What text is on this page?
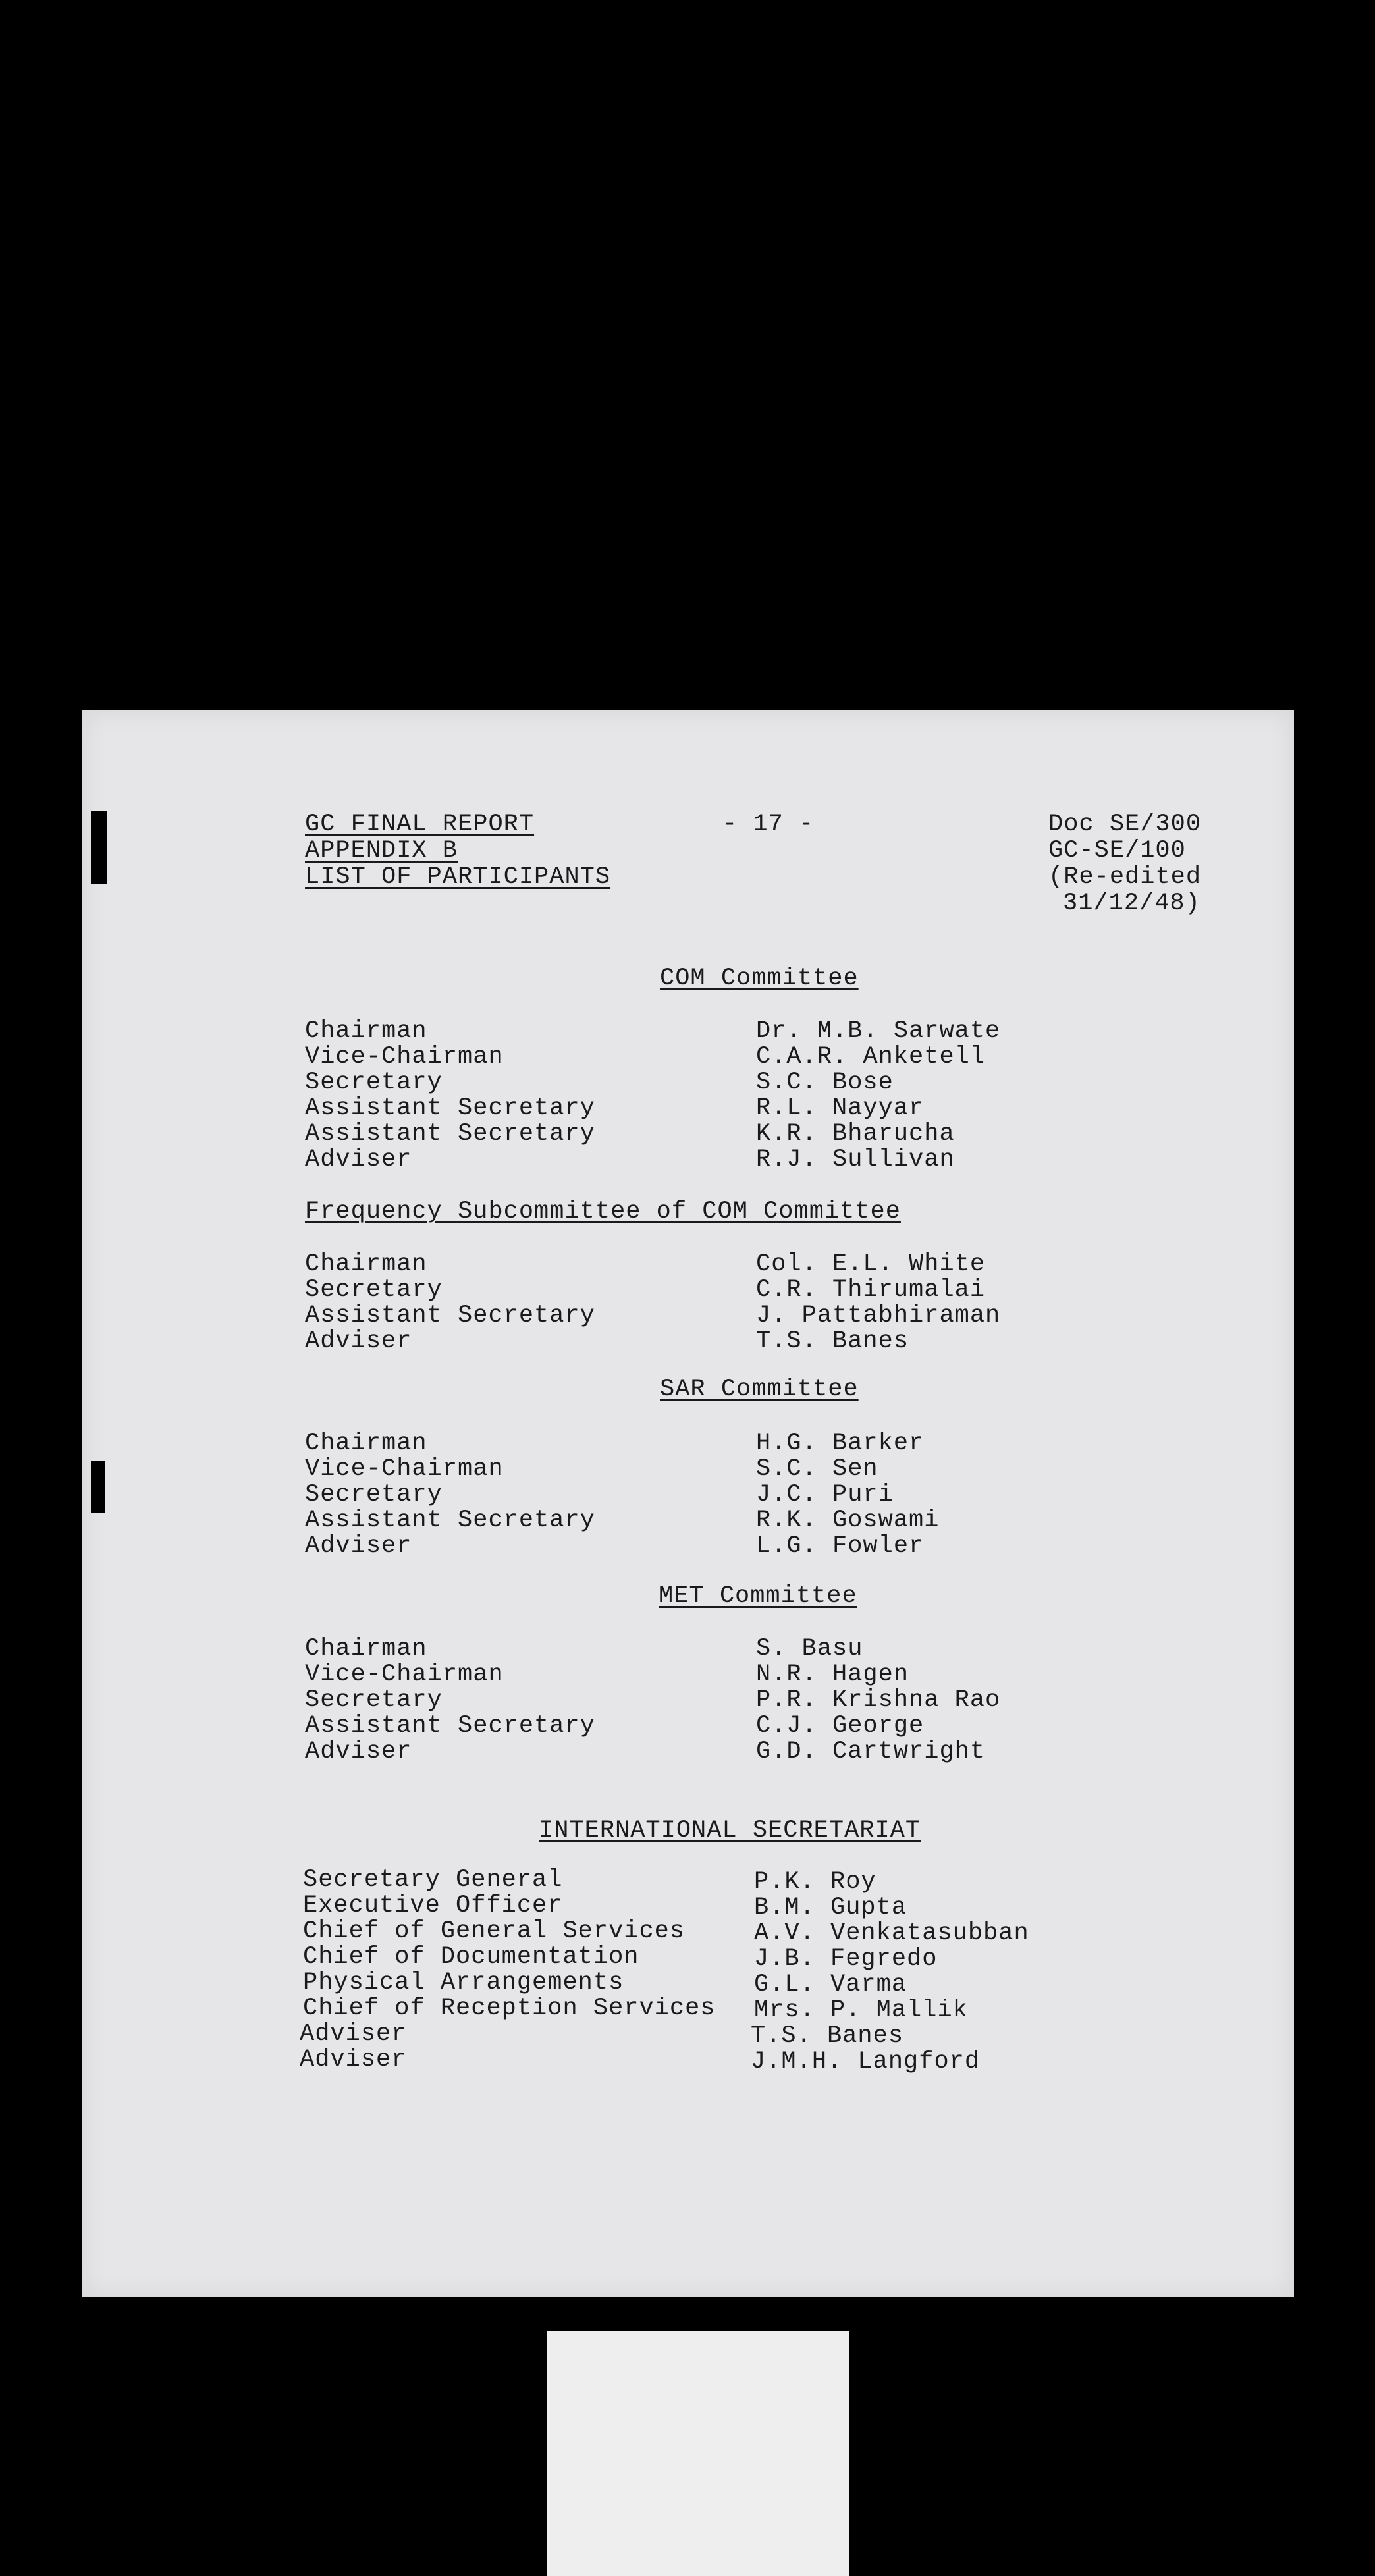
GC FINAL REPORT
APPENDIX B
LIST OF PARTICIPANTS
- 17 -	Doc SE/300
GC-SE/100
(Re-edited
31/12/48)
COM Committee
Chairman	Dr. M.B. Sarwate
Vice-Chairman	C.A.R. Anketell
Secretary	S.C. Bose
Assistant Secretary	R.L. Nayyar
Assistant Secretary	K.R. Bharucha
Adviser	R.J. Sullivan
Frequency Subcommittee of COM Committee
Chairman	Col. E.L. White
Secretary	C.R. Thirumalai
Assistant Secretary	J. Pattabhiraman
Adviser	T.S. Banes
SAR Committee
Chairman	H.G. Barker
Vice-Chairman	S.C. Sen
Secretary	J.C. Puri
Assistant Secretary	R.K. Goswami
Adviser	L.G. Fowler
MET Committee
Chairman	S. Basu
Vice-Chairman	N.R. Hagen
Secretary	P.R. Krishna Rao
Assistant Secretary	C.J. George
Adviser	G.D. Cartwright
INTERNATIONAL SECRETARIAT
Secretary General	P.K. Roy
Executive Officer	B.M. Gupta
Chief of General Services	A.V. Venkatasubban
Chief of Documentation	J.B. Fegredo
Physical Arrangements	G.L. Varma
Chief of Reception Services Mrs. P. Mallik
Adviser	T.S. Banes
Adviser	J.M.H. Langford
